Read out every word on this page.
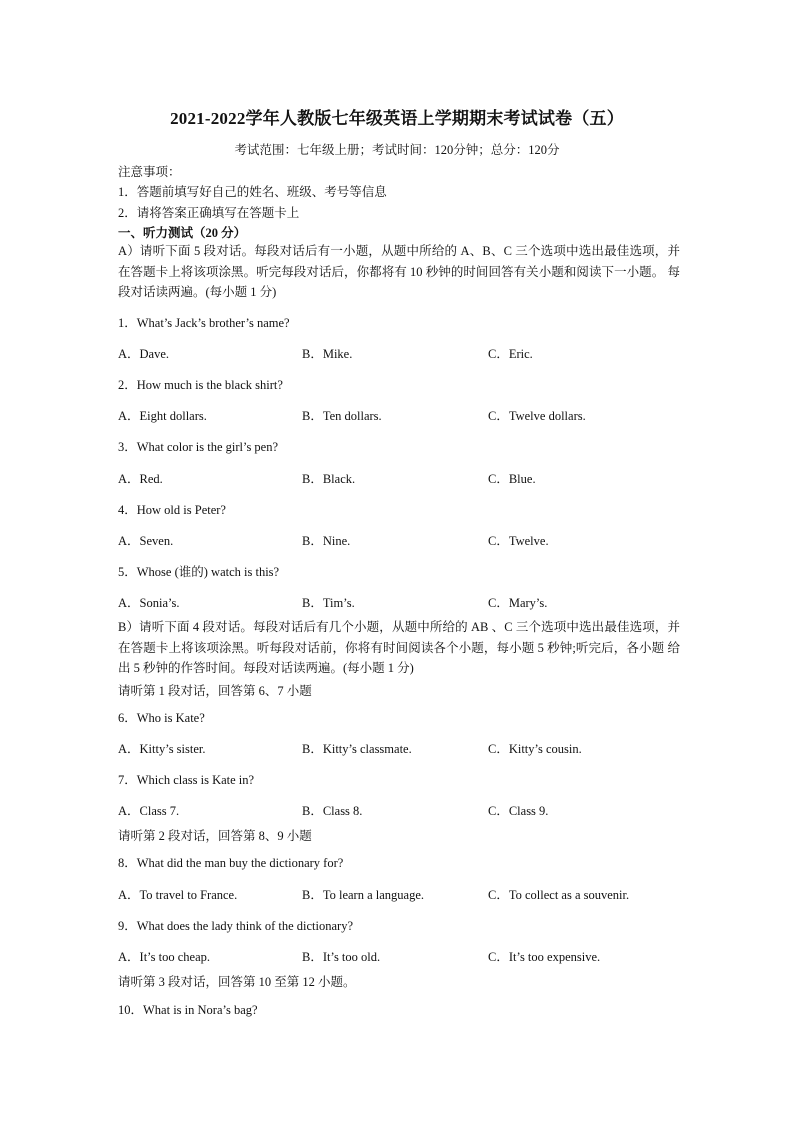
2021-2022学年人教版七年级英语上学期期末考试试卷（五）
考试范围：七年级上册；考试时间：120分钟；总分：120分
注意事项：
1．答题前填写好自己的姓名、班级、考号等信息
2．请将答案正确填写在答题卡上
一、听力测试（20 分）
A）请听下面 5 段对话。每段对话后有一小题，从题中所给的 A、B、C 三个选项中选出最佳选项，并 在答题卡上将该项涂黑。听完每段对话后，你都将有 10 秒钟的时间回答有关小题和阅读下一小题。 每段对话读两遍。(每小题 1 分)
1．What’s Jack’s brother’s name?
A．Dave.	B．Mike.	C．Eric.
2．How much is the black shirt?
A．Eight dollars.	B．Ten dollars.	C．Twelve dollars.
3．What color is the girl’s pen?
A．Red.	B．Black.	C．Blue.
4．How old is Peter?
A．Seven.	B．Nine.	C．Twelve.
5．Whose (谁的) watch is this?
A．Sonia’s.	B．Tim’s.	C．Mary’s.
B）请听下面 4 段对话。每段对话后有几个小题，从题中所给的 AB 、C 三个选项中选出最佳选项，并 在答题卡上将该项涂黑。听每段对话前，你将有时间阅读各个小题，每小题 5 秒钟;听完后，各小题 给出 5 秒钟的作答时间。每段对话读两遍。(每小题 1 分)
请听第 1 段对话，回答第 6、7 小题
6．Who is Kate?
A．Kitty’s sister.	B．Kitty’s classmate.	C．Kitty’s cousin.
7．Which class is Kate in?
A．Class 7.	B．Class 8.	C．Class 9.
请听第 2 段对话，回答第 8、9 小题
8．What did the man buy the dictionary for?
A．To travel to France.	B．To learn a language.	C．To collect as a souvenir.
9．What does the lady think of the dictionary?
A．It’s too cheap.	B．It’s too old.	C．It’s too expensive.
请听第 3 段对话，回答第 10 至第 12 小题。
10．What is in Nora’s bag?
